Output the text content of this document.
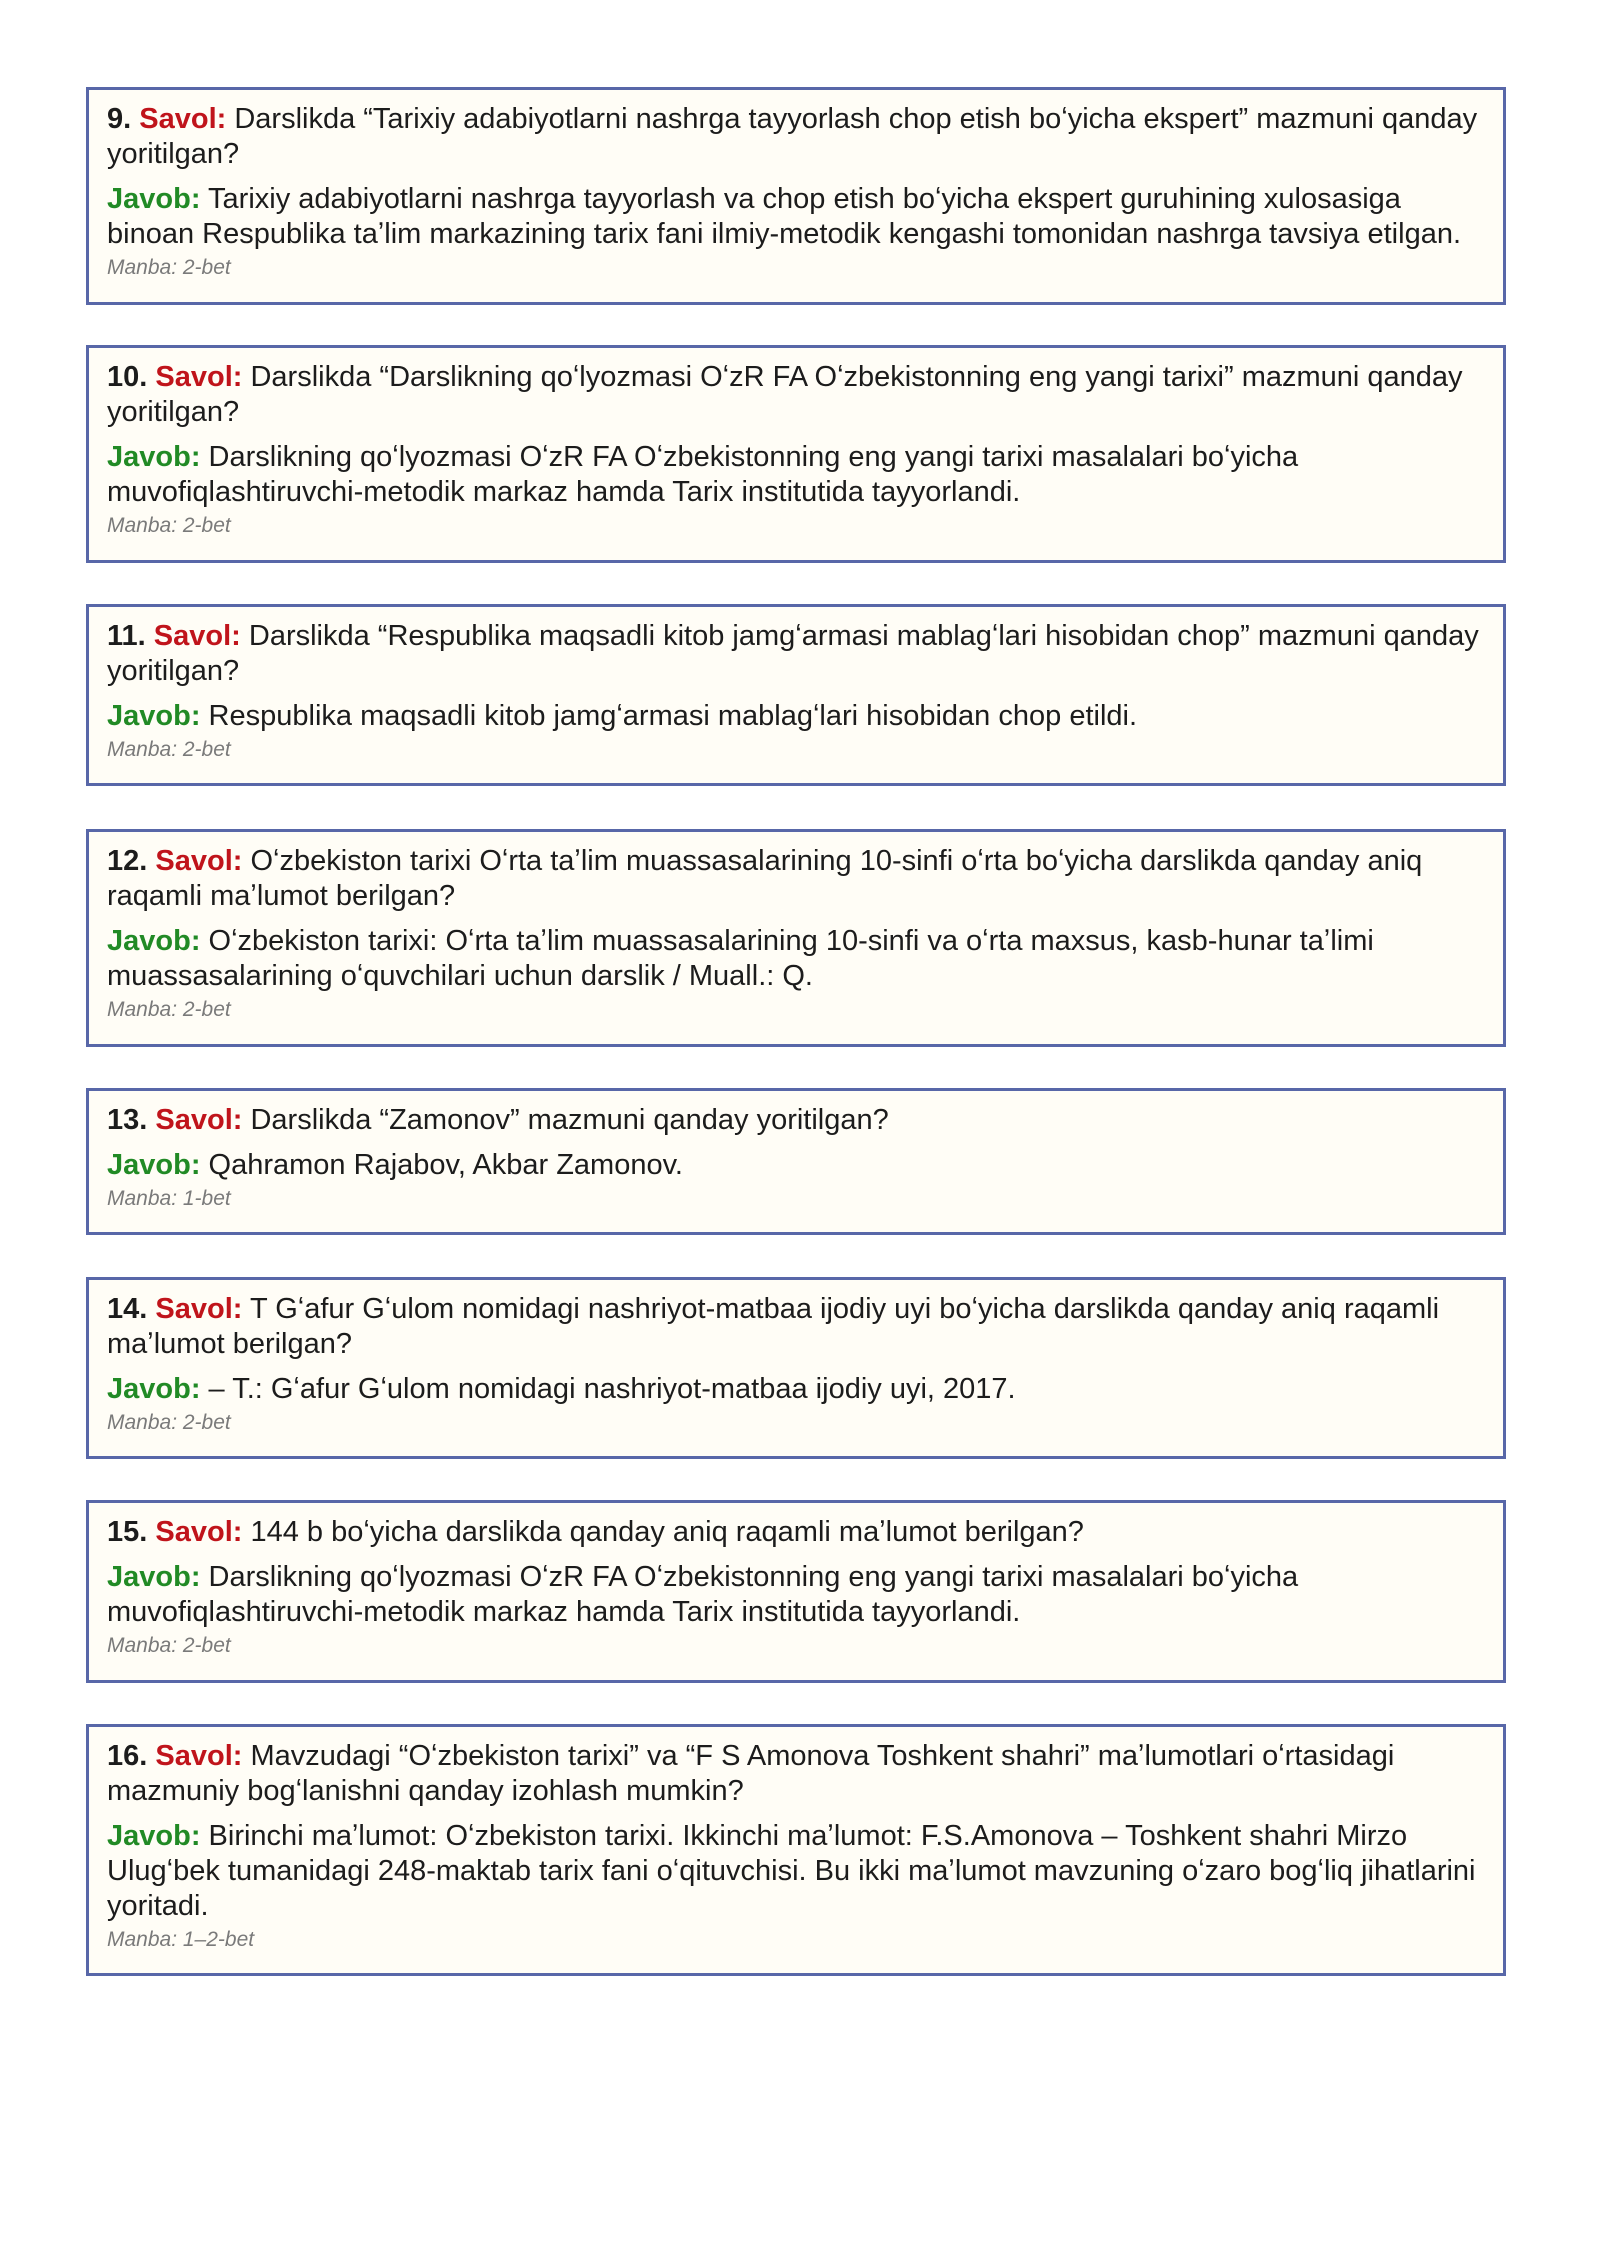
9. Savol: Darslikda “Tarixiy adabiyotlarni nashrga tayyorlash chop etish boʻyicha ekspert” mazmuni qanday yoritilgan?
Javob: Tarixiy adabiyotlarni nashrga tayyorlash va chop etish boʻyicha ekspert guruhining xulosasiga binoan Respublika taʼlim markazining tarix fani ilmiy-metodik kengashi tomonidan nashrga tavsiya etilgan.
Manba: 2-bet
10. Savol: Darslikda “Darslikning qoʻlyozmasi OʻzR FA Oʻzbekistonning eng yangi tarixi” mazmuni qanday yoritilgan?
Javob: Darslikning qoʻlyozmasi OʻzR FA Oʻzbekistonning eng yangi tarixi masalalari boʻyicha muvofiqlashtiruvchi-metodik markaz hamda Tarix institutida tayyorlandi.
Manba: 2-bet
11. Savol: Darslikda “Respublika maqsadli kitob jamgʻarmasi mablagʻlari hisobidan chop” mazmuni qanday yoritilgan?
Javob: Respublika maqsadli kitob jamgʻarmasi mablagʻlari hisobidan chop etildi.
Manba: 2-bet
12. Savol: Oʻzbekiston tarixi Oʻrta taʼlim muassasalarining 10-sinfi oʻrta boʻyicha darslikda qanday aniq raqamli maʼlumot berilgan?
Javob: Oʻzbekiston tarixi: Oʻrta taʼlim muassasalarining 10-sinfi va oʻrta maxsus, kasb-hunar taʼlimi muassasalarining oʻquvchilari uchun darslik / Muall.: Q.
Manba: 2-bet
13. Savol: Darslikda “Zamonov” mazmuni qanday yoritilgan?
Javob: Qahramon Rajabov, Akbar Zamonov.
Manba: 1-bet
14. Savol: T Gʻafur Gʻulom nomidagi nashriyot-matbaa ijodiy uyi boʻyicha darslikda qanday aniq raqamli maʼlumot berilgan?
Javob: – T.: Gʻafur Gʻulom nomidagi nashriyot-matbaa ijodiy uyi, 2017.
Manba: 2-bet
15. Savol: 144 b boʻyicha darslikda qanday aniq raqamli maʼlumot berilgan?
Javob: Darslikning qoʻlyozmasi OʻzR FA Oʻzbekistonning eng yangi tarixi masalalari boʻyicha muvofiqlashtiruvchi-metodik markaz hamda Tarix institutida tayyorlandi.
Manba: 2-bet
16. Savol: Mavzudagi “Oʻzbekiston tarixi” va “F S Amonova Toshkent shahri” maʼlumotlari oʻrtasidagi mazmuniy bogʻlanishni qanday izohlash mumkin?
Javob: Birinchi maʼlumot: Oʻzbekiston tarixi. Ikkinchi maʼlumot: F.S.Amonova – Toshkent shahri Mirzo Ulugʻbek tumanidagi 248-maktab tarix fani oʻqituvchisi. Bu ikki maʼlumot mavzuning oʻzaro bogʻliq jihatlarini yoritadi.
Manba: 1–2-bet
